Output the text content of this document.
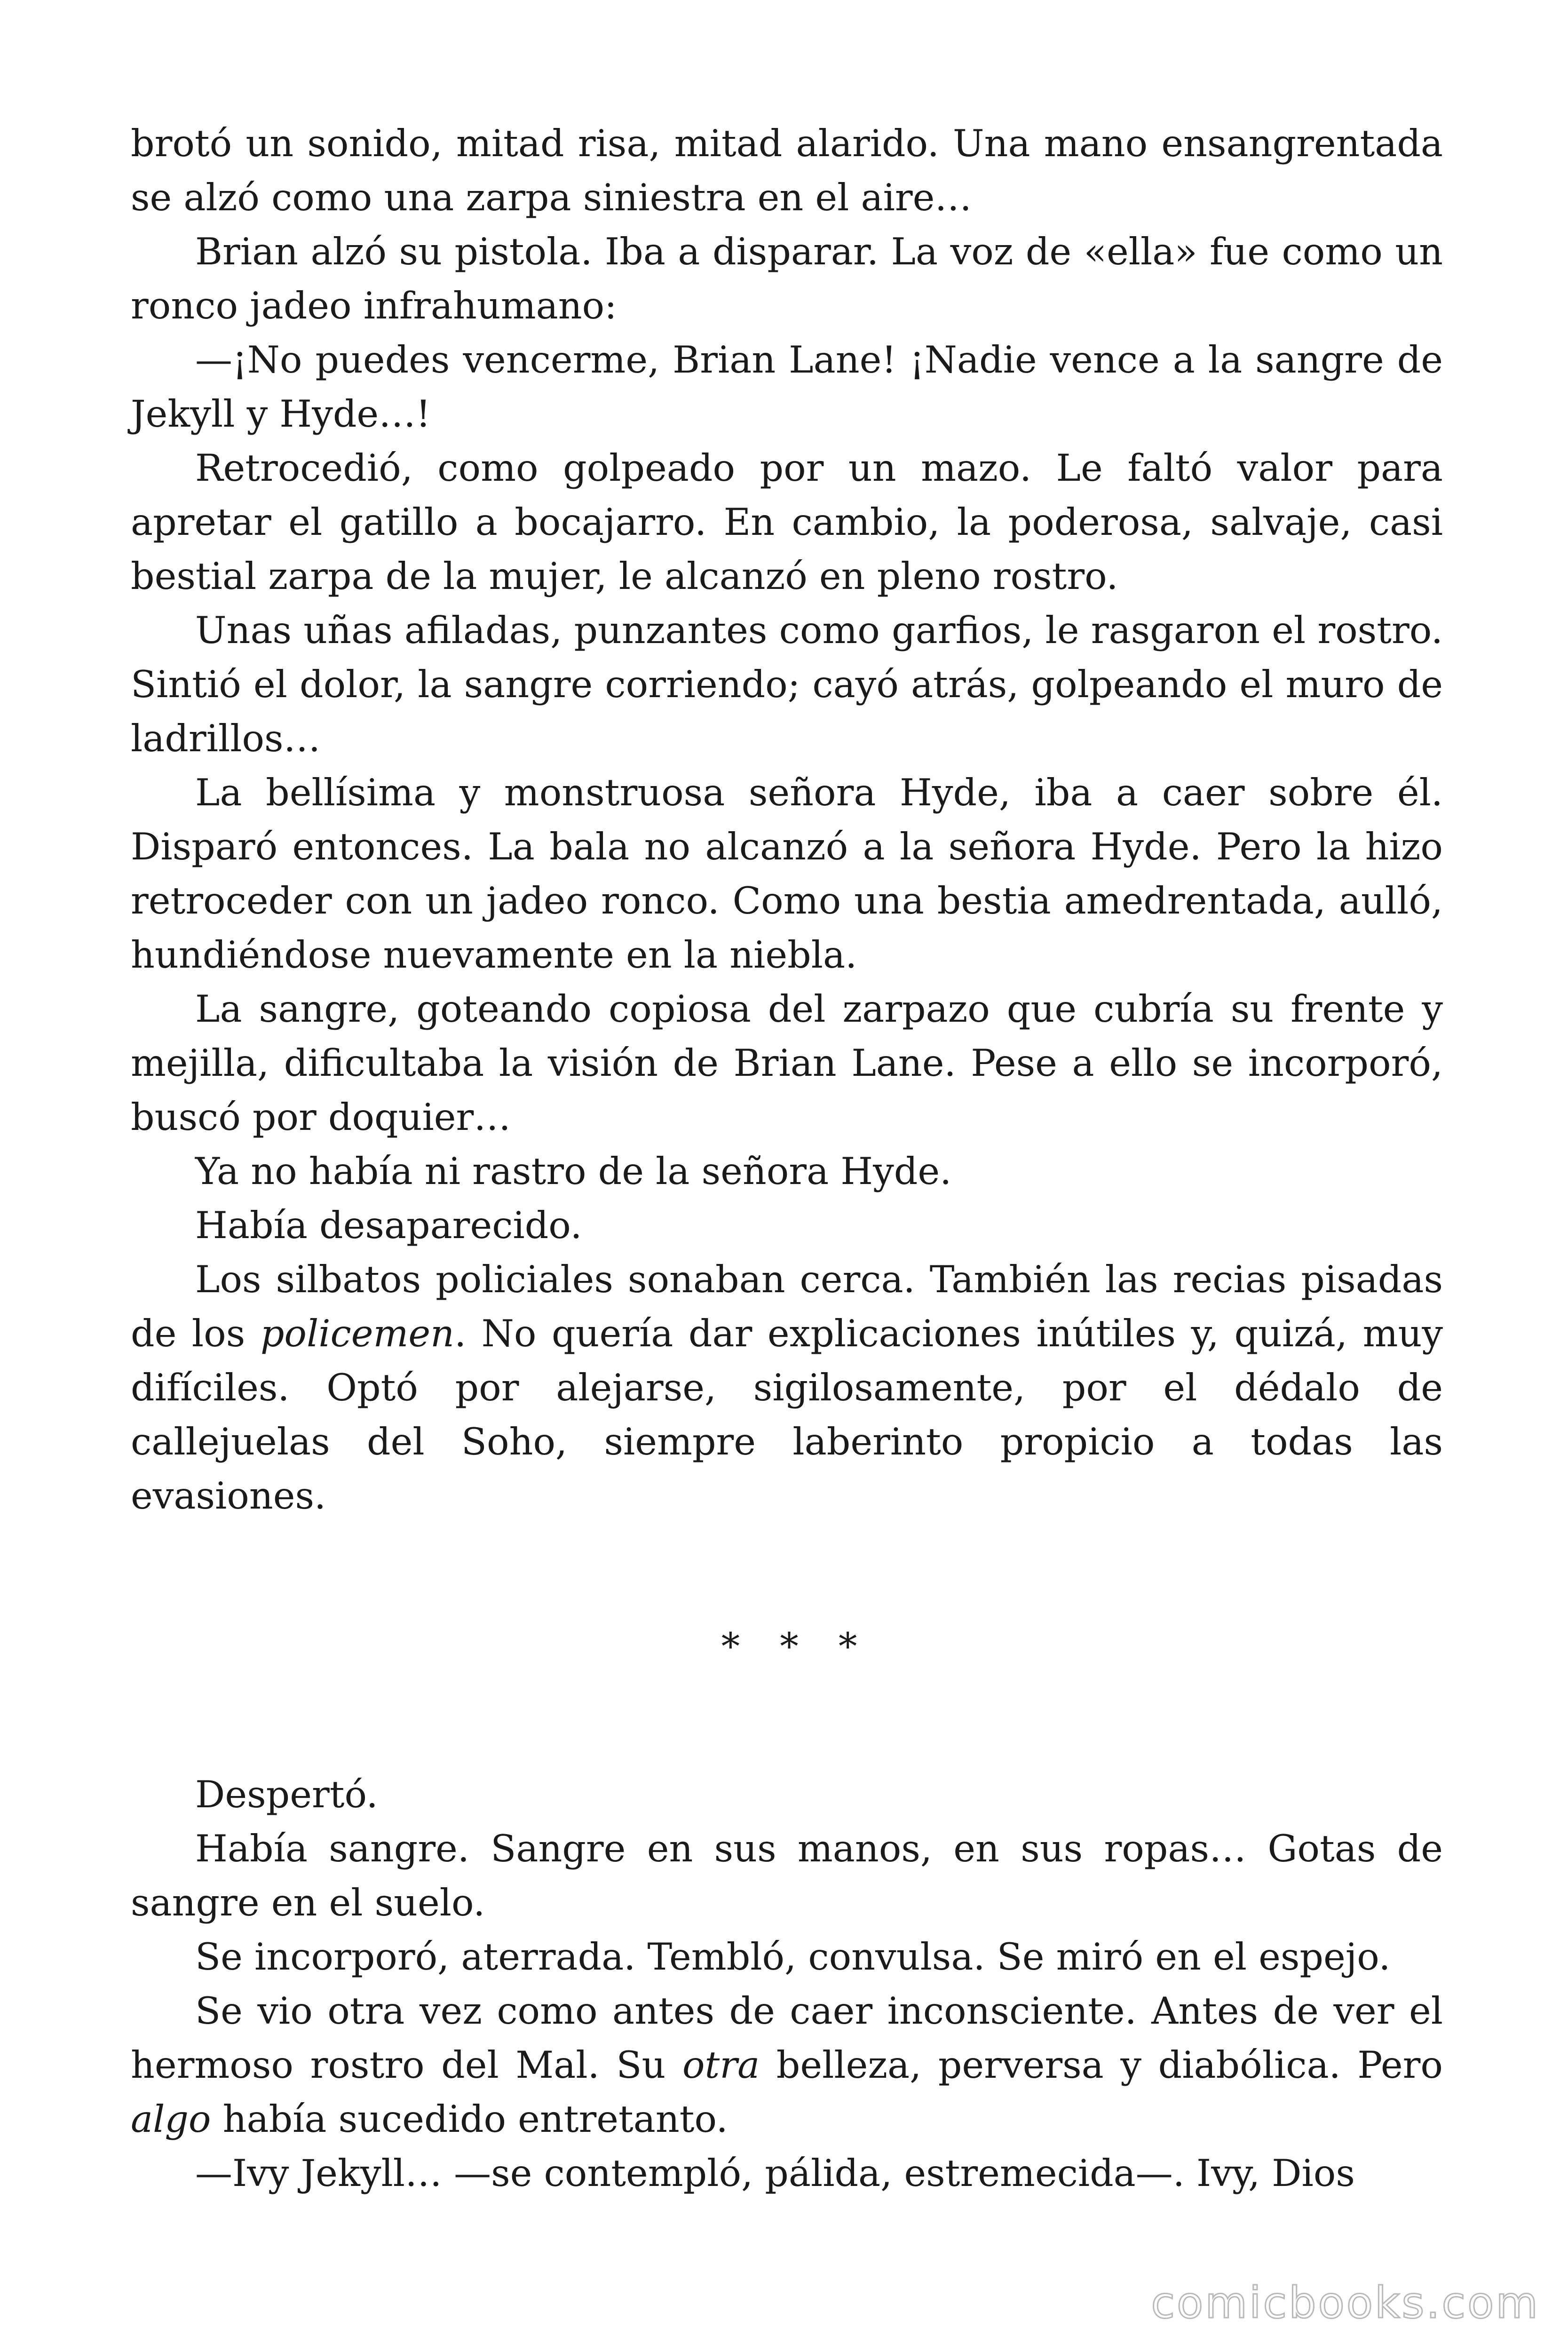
brotó un sonido, mitad risa, mitad alarido. Una mano ensangrentada se alzó como una zarpa siniestra en el aire…

Brian alzó su pistola. Iba a disparar. La voz de «ella» fue como un ronco jadeo infrahumano:

—¡No puedes vencerme, Brian Lane! ¡Nadie vence a la sangre de Jekyll y Hyde…!

Retrocedió, como golpeado por un mazo. Le faltó valor para apretar el gatillo a bocajarro. En cambio, la poderosa, salvaje, casi bestial zarpa de la mujer, le alcanzó en pleno rostro.

Unas uñas afiladas, punzantes como garfios, le rasgaron el rostro. Sintió el dolor, la sangre corriendo; cayó atrás, golpeando el muro de ladrillos…

La bellísima y monstruosa señora Hyde, iba a caer sobre él. Disparó entonces. La bala no alcanzó a la señora Hyde. Pero la hizo retroceder con un jadeo ronco. Como una bestia amedrentada, aulló, hundiéndose nuevamente en la niebla.

La sangre, goteando copiosa del zarpazo que cubría su frente y mejilla, dificultaba la visión de Brian Lane. Pese a ello se incorporó, buscó por doquier…

Ya no había ni rastro de la señora Hyde.

Había desaparecido.

Los silbatos policiales sonaban cerca. También las recias pisadas de los policemen. No quería dar explicaciones inútiles y, quizá, muy difíciles. Optó por alejarse, sigilosamente, por el dédalo de callejuelas del Soho, siempre laberinto propicio a todas las evasiones.

* * *

Despertó.

Había sangre. Sangre en sus manos, en sus ropas… Gotas de sangre en el suelo.

Se incorporó, aterrada. Tembló, convulsa. Se miró en el espejo.

Se vio otra vez como antes de caer inconsciente. Antes de ver el hermoso rostro del Mal. Su otra belleza, perversa y diabólica. Pero algo había sucedido entretanto.

—Ivy Jekyll… —se contempló, pálida, estremecida—. Ivy, Dios

comicbooks.com
